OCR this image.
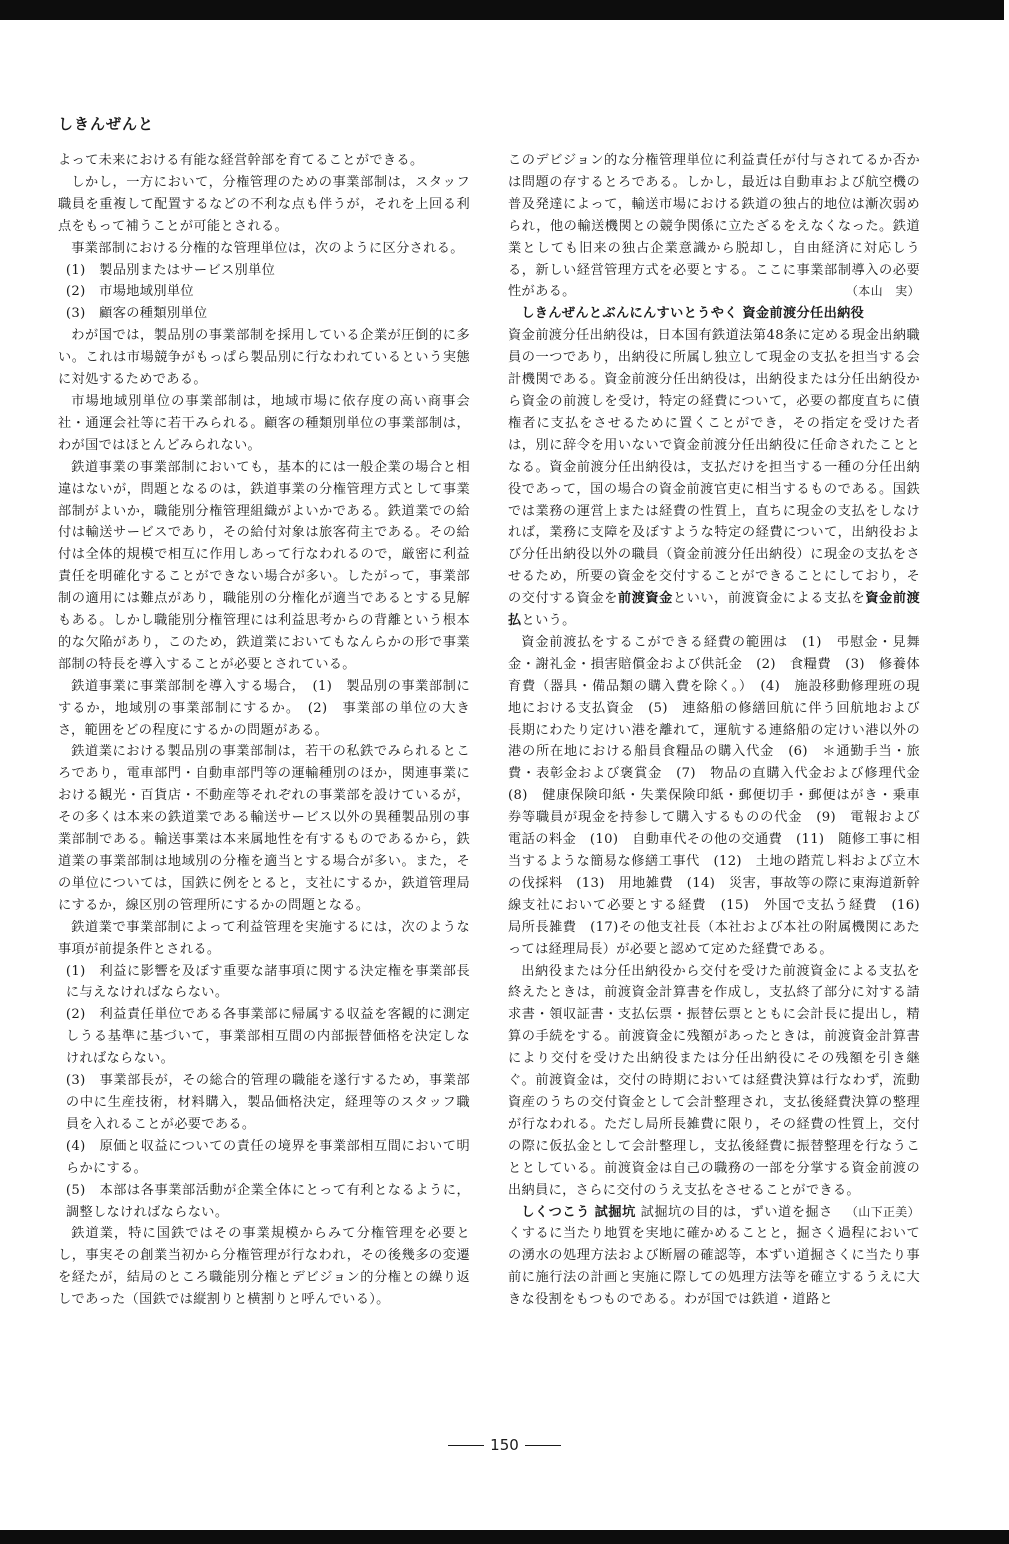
しきんぜんと

よって未来における有能な経営幹部を育てることができる。

しかし，一方において，分権管理のための事業部制は，スタッフ職員を重複して配置するなどの不利な点も伴うが，それを上回る利点をもって補うことが可能とされる。

事業部制における分権的な管理単位は，次のように区分される。

(1)　製品別またはサービス別単位

(2)　市場地域別単位

(3)　顧客の種類別単位

わが国では，製品別の事業部制を採用している企業が圧倒的に多い。これは市場競争がもっぱら製品別に行なわれているという実態に対処するためである。

市場地域別単位の事業部制は，地域市場に依存度の高い商事会社・通運会社等に若干みられる。顧客の種類別単位の事業部制は，わが国ではほとんどみられない。

鉄道事業の事業部制においても，基本的には一般企業の場合と相違はないが，問題となるのは，鉄道事業の分権管理方式として事業部制がよいか，職能別分権管理組織がよいかである。鉄道業での給付は輸送サービスであり，その給付対象は旅客荷主である。その給付は全体的規模で相互に作用しあって行なわれるので，厳密に利益責任を明確化することができない場合が多い。したがって，事業部制の適用には難点があり，職能別の分権化が適当であるとする見解もある。しかし職能別分権管理には利益思考からの背離という根本的な欠陥があり，このため，鉄道業においてもなんらかの形で事業部制の特長を導入することが必要とされている。

鉄道事業に事業部制を導入する場合，　(1)　製品別の事業部制にするか，地域別の事業部制にするか。　(2)　事業部の単位の大きさ，範囲をどの程度にするかの問題がある。

鉄道業における製品別の事業部制は，若干の私鉄でみられるところであり，電車部門・自動車部門等の運輸種別のほか，関連事業における観光・百貨店・不動産等それぞれの事業部を設けているが，その多くは本来の鉄道業である輸送サービス以外の異種製品別の事業部制である。輸送事業は本来属地性を有するものであるから，鉄道業の事業部制は地域別の分権を適当とする場合が多い。また，その単位については，国鉄に例をとると，支社にするか，鉄道管理局にするか，線区別の管理所にするかの問題となる。

鉄道業で事業部制によって利益管理を実施するには，次のような事項が前提条件とされる。

(1)　利益に影響を及ぼす重要な諸事項に関する決定権を事業部長に与えなければならない。

(2)　利益責任単位である各事業部に帰属する収益を客観的に測定しうる基準に基づいて，事業部相互間の内部振替価格を決定しなければならない。

(3)　事業部長が，その総合的管理の職能を遂行するため，事業部の中に生産技術，材料購入，製品価格決定，経理等のスタッフ職員を入れることが必要である。

(4)　原価と収益についての責任の境界を事業部相互間において明らかにする。

(5)　本部は各事業部活動が企業全体にとって有利となるように，調整しなければならない。

鉄道業，特に国鉄ではその事業規模からみて分権管理を必要とし，事実その創業当初から分権管理が行なわれ，その後幾多の変遷を経たが，結局のところ職能別分権とデビジョン的分権との繰り返しであった（国鉄では縦割りと横割りと呼んでいる）。

このデビジョン的な分権管理単位に利益責任が付与されてるか否かは問題の存するとろである。しかし，最近は自動車および航空機の普及発達によって，輸送市場における鉄道の独占的地位は漸次弱められ，他の輸送機関との競争関係に立たざるをえなくなった。鉄道業としても旧来の独占企業意識から脱却し，自由経済に対応しうる，新しい経営管理方式を必要とする。ここに事業部制導入の必要性がある。	（本山　実）

しきんぜんとぶんにんすいとうやく 資金前渡分任出納役
資金前渡分任出納役は，日本国有鉄道法第48条に定める現金出納職員の一つであり，出納役に所属し独立して現金の支払を担当する会計機関である。資金前渡分任出納役は，出納役または分任出納役から資金の前渡しを受け，特定の経費について，必要の都度直ちに債権者に支払をさせるために置くことができ，その指定を受けた者は，別に辞令を用いないで資金前渡分任出納役に任命されたこととなる。資金前渡分任出納役は，支払だけを担当する一種の分任出納役であって，国の場合の資金前渡官吏に相当するものである。国鉄では業務の運営上または経費の性質上，直ちに現金の支払をしなければ，業務に支障を及ぼすような特定の経費について，出納役および分任出納役以外の職員（資金前渡分任出納役）に現金の支払をさせるため，所要の資金を交付することができることにしており，その交付する資金を前渡資金といい，前渡資金による支払を資金前渡払という。

資金前渡払をするこができる経費の範囲は　(1)　弔慰金・見舞金・謝礼金・損害賠償金および供託金　(2)　食糧費　(3)　修養体育費（器具・備品類の購入費を除く。）　(4)　施設移動修理班の現地における支払資金　(5)　連絡船の修繕回航に伴う回航地および長期にわたり定けい港を離れて，運航する連絡船の定けい港以外の港の所在地における船員食糧品の購入代金　(6)　＊通勤手当・旅費・表彰金および褒賞金　(7)　物品の直購入代金および修理代金　(8)　健康保険印紙・失業保険印紙・郵便切手・郵便はがき・乗車券等職員が現金を持参して購入するものの代金　(9)　電報および電話の料金　(10)　自動車代その他の交通費　(11)　随修工事に相当するような簡易な修繕工事代　(12)　土地の踏荒し料および立木の伐採料　(13)　用地雑費　(14)　災害，事故等の際に東海道新幹線支社において必要とする経費　(15)　外国で支払う経費　(16)　局所長雑費　(17)その他支社長（本社および本社の附属機関にあたっては経理局長）が必要と認めて定めた経費である。

出納役または分任出納役から交付を受けた前渡資金による支払を終えたときは，前渡資金計算書を作成し，支払終了部分に対する請求書・領収証書・支払伝票・振替伝票とともに会計長に提出し，精算の手続をする。前渡資金に残額があったときは，前渡資金計算書により交付を受けた出納役または分任出納役にその残額を引き継ぐ。前渡資金は，交付の時期においては経費決算は行なわず，流動資産のうちの交付資金として会計整理され，支払後経費決算の整理が行なわれる。ただし局所長雑費に限り，その経費の性質上，交付の際に仮払金として会計整理し，支払後経費に振替整理を行なうこととしている。前渡資金は自己の職務の一部を分掌する資金前渡の出納員に，さらに交付のうえ支払をさせることができる。
（山下正美）

しくつこう 試掘坑 試掘坑の目的は，ずい道を掘さくするに当たり地質を実地に確かめることと，掘さく過程においての湧水の処理方法および断層の確認等，本ずい道掘さくに当たり事前に施行法の計画と実施に際しての処理方法等を確立するうえに大きな役割をもつものである。わが国では鉄道・道路と

150
